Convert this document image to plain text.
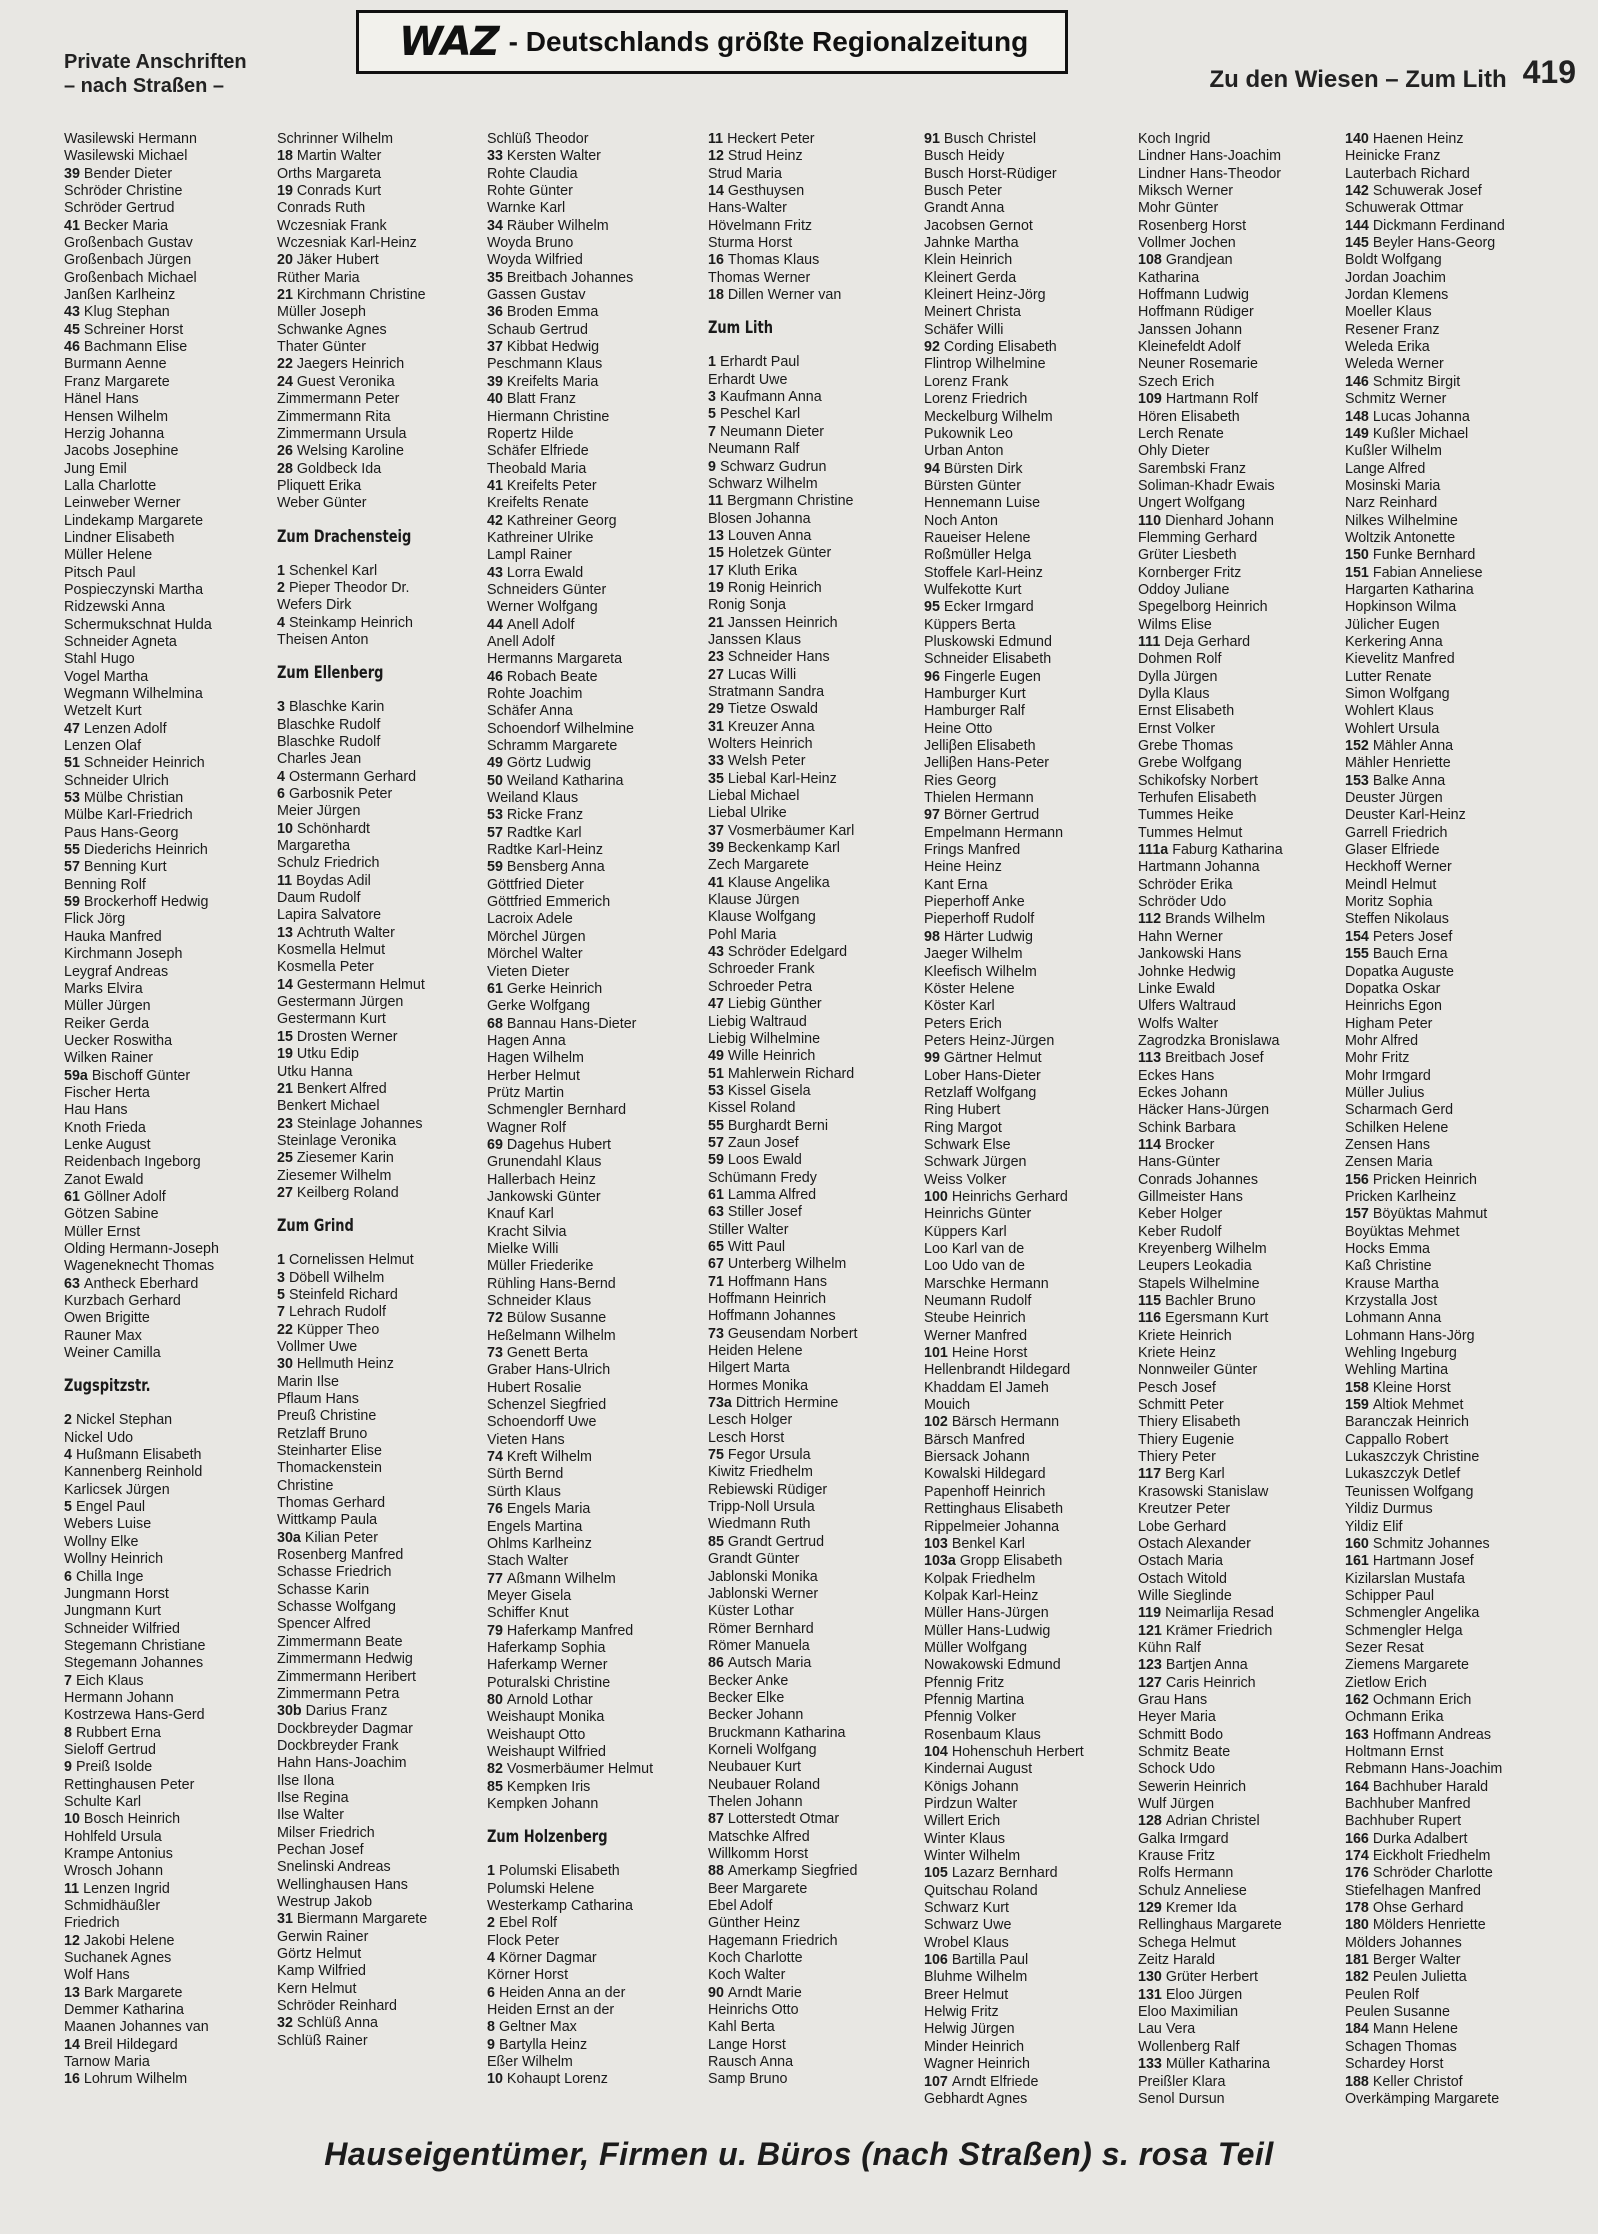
Private Anschriften
– nach Straßen –
WAZ - Deutschlands größte Regionalzeitung
Zu den Wiesen – Zum Lith 419
Wasilewski Hermann
Wasilewski Michael
39 Bender Dieter
Schröder Christine
Schröder Gertrud
41 Becker Maria
Großenbach Gustav
Großenbach Jürgen
Großenbach Michael
Janßen Karlheinz
43 Klug Stephan
45 Schreiner Horst
46 Bachmann Elise
Burmann Aenne
Franz Margarete
Hänel Hans
Hensen Wilhelm
Herzig Johanna
Jacobs Josephine
Jung Emil
Lalla Charlotte
Leinweber Werner
Lindekamp Margarete
Lindner Elisabeth
Müller Helene
Pitsch Paul
Pospieczynski Martha
Ridzewski Anna
Schermukschnat Hulda
Schneider Agneta
Stahl Hugo
Vogel Martha
Wegmann Wilhelmina
Wetzelt Kurt
47 Lenzen Adolf
Lenzen Olaf
51 Schneider Heinrich
Schneider Ulrich
53 Mülbe Christian
Mülbe Karl-Friedrich
Paus Hans-Georg
55 Diederichs Heinrich
57 Benning Kurt
Benning Rolf
59 Brockerhoff Hedwig
Flick Jörg
Hauka Manfred
Kirchmann Joseph
Leygraf Andreas
Marks Elvira
Müller Jürgen
Reiker Gerda
Uecker Roswitha
Wilken Rainer
59a Bischoff Günter
Fischer Herta
Hau Hans
Knoth Frieda
Lenke August
Reidenbach Ingeborg
Zanot Ewald
61 Göllner Adolf
Götzen Sabine
Müller Ernst
Olding Hermann-Joseph
Wageneknecht Thomas
63 Antheck Eberhard
Kurzbach Gerhard
Owen Brigitte
Rauner Max
Weiner Camilla
Zugspitzstr.
2 Nickel Stephan
Nickel Udo
4 Hußmann Elisabeth
Kannenberg Reinhold
Karlicsek Jürgen
5 Engel Paul
Webers Luise
Wollny Elke
Wollny Heinrich
6 Chilla Inge
Jungmann Horst
Jungmann Kurt
Schneider Wilfried
Stegemann Christiane
Stegemann Johannes
7 Eich Klaus
Hermann Johann
Kostrzewa Hans-Gerd
8 Rubbert Erna
Sieloff Gertrud
9 Preiß Isolde
Rettinghausen Peter
Schulte Karl
10 Bosch Heinrich
Hohlfeld Ursula
Krampe Antonius
Wrosch Johann
11 Lenzen Ingrid
Schmidhäußler
Friedrich
12 Jakobi Helene
Suchanek Agnes
Wolf Hans
13 Bark Margarete
Demmer Katharina
Maanen Johannes van
14 Breil Hildegard
Tarnow Maria
16 Lohrum Wilhelm
Schrinner Wilhelm
18 Martin Walter
Orths Margareta
19 Conrads Kurt
Conrads Ruth
Wczesniak Frank
Wczesniak Karl-Heinz
20 Jäker Hubert
Rüther Maria
21 Kirchmann Christine
Müller Joseph
Schwanke Agnes
Thater Günter
22 Jaegers Heinrich
24 Guest Veronika
Zimmermann Peter
Zimmermann Rita
Zimmermann Ursula
26 Welsing Karoline
28 Goldbeck Ida
Pliquett Erika
Weber Günter
Zum Drachensteig
1 Schenkel Karl
2 Pieper Theodor Dr.
Wefers Dirk
4 Steinkamp Heinrich
Theisen Anton
Zum Ellenberg
3 Blaschke Karin
Blaschke Rudolf
Blaschke Rudolf
Charles Jean
4 Ostermann Gerhard
6 Garbosnik Peter
Meier Jürgen
10 Schönhardt
Margaretha
Schulz Friedrich
11 Boydas Adil
Daum Rudolf
Lapira Salvatore
13 Achtruth Walter
Kosmella Helmut
Kosmella Peter
14 Gestermann Helmut
Gestermann Jürgen
Gestermann Kurt
15 Drosten Werner
19 Utku Edip
Utku Hanna
21 Benkert Alfred
Benkert Michael
23 Steinlage Johannes
Steinlage Veronika
25 Ziesemer Karin
Ziesemer Wilhelm
27 Keilberg Roland
Zum Grind
1 Cornelissen Helmut
3 Döbell Wilhelm
5 Steinfeld Richard
7 Lehrach Rudolf
22 Küpper Theo
Vollmer Uwe
30 Hellmuth Heinz
Marin Ilse
Pflaum Hans
Preuß Christine
Retzlaff Bruno
Steinharter Elise
Thomackenstein
Christine
Thomas Gerhard
Wittkamp Paula
30a Kilian Peter
Rosenberg Manfred
Schasse Friedrich
Schasse Karin
Schasse Wolfgang
Spencer Alfred
Zimmermann Beate
Zimmermann Hedwig
Zimmermann Heribert
Zimmermann Petra
30b Darius Franz
Dockbreyder Dagmar
Dockbreyder Frank
Hahn Hans-Joachim
Ilse Ilona
Ilse Regina
Ilse Walter
Milser Friedrich
Pechan Josef
Snelinski Andreas
Wellinghausen Hans
Westrup Jakob
31 Biermann Margarete
Gerwin Rainer
Görtz Helmut
Kamp Wilfried
Kern Helmut
Schröder Reinhard
32 Schlüß Anna
Schlüß Rainer
Schlüß Theodor
33 Kersten Walter
Rohte Claudia
Rohte Günter
Warnke Karl
34 Räuber Wilhelm
Woyda Bruno
Woyda Wilfried
35 Breitbach Johannes
Gassen Gustav
36 Broden Emma
Schaub Gertrud
37 Kibbat Hedwig
Peschmann Klaus
39 Kreifelts Maria
40 Blatt Franz
Hiermann Christine
Ropertz Hilde
Schäfer Elfriede
Theobald Maria
41 Kreifelts Peter
Kreifelts Renate
42 Kathreiner Georg
Kathreiner Ulrike
Lampl Rainer
43 Lorra Ewald
Schneiders Günter
Werner Wolfgang
44 Anell Adolf
Anell Adolf
Hermanns Margareta
46 Robach Beate
Rohte Joachim
Schäfer Anna
Schoendorf Wilhelmine
Schramm Margarete
49 Görtz Ludwig
50 Weiland Katharina
Weiland Klaus
53 Ricke Franz
57 Radtke Karl
Radtke Karl-Heinz
59 Bensberg Anna
Göttfried Dieter
Göttfried Emmerich
Lacroix Adele
Mörchel Jürgen
Mörchel Walter
Vieten Dieter
61 Gerke Heinrich
Gerke Wolfgang
68 Bannau Hans-Dieter
Hagen Anna
Hagen Wilhelm
Herber Helmut
Prütz Martin
Schmengler Bernhard
Wagner Rolf
69 Dagehus Hubert
Grunendahl Klaus
Hallerbach Heinz
Jankowski Günter
Knauf Karl
Kracht Silvia
Mielke Willi
Müller Friederike
Rühling Hans-Bernd
Schneider Klaus
72 Bülow Susanne
Heßelmann Wilhelm
73 Genett Berta
Graber Hans-Ulrich
Hubert Rosalie
Schenzel Siegfried
Schoendorff Uwe
Vieten Hans
74 Kreft Wilhelm
Sürth Bernd
Sürth Klaus
76 Engels Maria
Engels Martina
Ohlms Karlheinz
Stach Walter
77 Aßmann Wilhelm
Meyer Gisela
Schiffer Knut
79 Haferkamp Manfred
Haferkamp Sophia
Haferkamp Werner
Poturalski Christine
80 Arnold Lothar
Weishaupt Monika
Weishaupt Otto
Weishaupt Wilfried
82 Vosmerbäumer Helmut
85 Kempken Iris
Kempken Johann
Zum Holzenberg
1 Polumski Elisabeth
Polumski Helene
Westerkamp Catharina
2 Ebel Rolf
Flock Peter
4 Körner Dagmar
Körner Horst
6 Heiden Anna an der
Heiden Ernst an der
8 Geltner Max
9 Bartylla Heinz
Eßer Wilhelm
10 Kohaupt Lorenz
11 Heckert Peter
12 Strud Heinz
Strud Maria
14 Gesthuysen
Hans-Walter
Hövelmann Fritz
Sturma Horst
16 Thomas Klaus
Thomas Werner
18 Dillen Werner van
Zum Lith
1 Erhardt Paul
Erhardt Uwe
3 Kaufmann Anna
5 Peschel Karl
7 Neumann Dieter
Neumann Ralf
9 Schwarz Gudrun
Schwarz Wilhelm
11 Bergmann Christine
Blosen Johanna
13 Louven Anna
15 Holetzek Günter
17 Kluth Erika
19 Ronig Heinrich
Ronig Sonja
21 Janssen Heinrich
Janssen Klaus
23 Schneider Hans
27 Lucas Willi
Stratmann Sandra
29 Tietze Oswald
31 Kreuzer Anna
Wolters Heinrich
33 Welsh Peter
35 Liebal Karl-Heinz
Liebal Michael
Liebal Ulrike
37 Vosmerbäumer Karl
39 Beckenkamp Karl
Zech Margarete
41 Klause Angelika
Klause Jürgen
Klause Wolfgang
Pohl Maria
43 Schröder Edelgard
Schroeder Frank
Schroeder Petra
47 Liebig Günther
Liebig Waltraud
Liebig Wilhelmine
49 Wille Heinrich
51 Mahlerwein Richard
53 Kissel Gisela
Kissel Roland
55 Burghardt Berni
57 Zaun Josef
59 Loos Ewald
Schümann Fredy
61 Lamma Alfred
63 Stiller Josef
Stiller Walter
65 Witt Paul
67 Unterberg Wilhelm
71 Hoffmann Hans
Hoffmann Heinrich
Hoffmann Johannes
73 Geusendam Norbert
Heiden Helene
Hilgert Marta
Hormes Monika
73a Dittrich Hermine
Lesch Holger
Lesch Horst
75 Fegor Ursula
Kiwitz Friedhelm
Rebiewski Rüdiger
Tripp-Noll Ursula
Wiedmann Ruth
85 Grandt Gertrud
Grandt Günter
Jablonski Monika
Jablonski Werner
Küster Lothar
Römer Bernhard
Römer Manuela
86 Autsch Maria
Becker Anke
Becker Elke
Becker Johann
Bruckmann Katharina
Korneli Wolfgang
Neubauer Kurt
Neubauer Roland
Thelen Johann
87 Lotterstedt Otmar
Matschke Alfred
Willkomm Horst
88 Amerkamp Siegfried
Beer Margarete
Ebel Adolf
Günther Heinz
Hagemann Friedrich
Koch Charlotte
Koch Walter
90 Arndt Marie
Heinrichs Otto
Kahl Berta
Lange Horst
Rausch Anna
Samp Bruno
91 Busch Christel
Busch Heidy
Busch Horst-Rüdiger
Busch Peter
Grandt Anna
Jacobsen Gernot
Jahnke Martha
Klein Heinrich
Kleinert Gerda
Kleinert Heinz-Jörg
Meinert Christa
Schäfer Willi
92 Cording Elisabeth
Flintrop Wilhelmine
Lorenz Frank
Lorenz Friedrich
Meckelburg Wilhelm
Pukownik Leo
Urban Anton
94 Bürsten Dirk
Bürsten Günter
Hennemann Luise
Noch Anton
Raueiser Helene
Roßmüller Helga
Stoffele Karl-Heinz
Wulfekotte Kurt
95 Ecker Irmgard
Küppers Berta
Pluskowski Edmund
Schneider Elisabeth
96 Fingerle Eugen
Hamburger Kurt
Hamburger Ralf
Heine Otto
Jelliβen Elisabeth
Jelliβen Hans-Peter
Ries Georg
Thielen Hermann
97 Börner Gertrud
Empelmann Hermann
Frings Manfred
Heine Heinz
Kant Erna
Pieperhoff Anke
Pieperhoff Rudolf
98 Härter Ludwig
Jaeger Wilhelm
Kleefisch Wilhelm
Köster Helene
Köster Karl
Peters Erich
Peters Heinz-Jürgen
99 Gärtner Helmut
Lober Hans-Dieter
Retzlaff Wolfgang
Ring Hubert
Ring Margot
Schwark Else
Schwark Jürgen
Weiss Volker
100 Heinrichs Gerhard
Heinrichs Günter
Küppers Karl
Loo Karl van de
Loo Udo van de
Marschke Hermann
Neumann Rudolf
Steube Heinrich
Werner Manfred
101 Heine Horst
Hellenbrandt Hildegard
Khaddam El Jameh
Mouich
102 Bärsch Hermann
Bärsch Manfred
Biersack Johann
Kowalski Hildegard
Papenhoff Heinrich
Rettinghaus Elisabeth
Rippelmeier Johanna
103 Benkel Karl
103a Gropp Elisabeth
Kolpak Friedhelm
Kolpak Karl-Heinz
Müller Hans-Jürgen
Müller Hans-Ludwig
Müller Wolfgang
Nowakowski Edmund
Pfennig Fritz
Pfennig Martina
Pfennig Volker
Rosenbaum Klaus
104 Hohenschuh Herbert
Kindernai August
Königs Johann
Pirdzun Walter
Willert Erich
Winter Klaus
Winter Wilhelm
105 Lazarz Bernhard
Quitschau Roland
Schwarz Kurt
Schwarz Uwe
Wrobel Klaus
106 Bartilla Paul
Bluhme Wilhelm
Breer Helmut
Helwig Fritz
Helwig Jürgen
Minder Heinrich
Wagner Heinrich
107 Arndt Elfriede
Gebhardt Agnes
Koch Ingrid
Lindner Hans-Joachim
Lindner Hans-Theodor
Miksch Werner
Mohr Günter
Rosenberg Horst
Vollmer Jochen
108 Grandjean
Katharina
Hoffmann Ludwig
Hoffmann Rüdiger
Janssen Johann
Kleinefeldt Adolf
Neuner Rosemarie
Szech Erich
109 Hartmann Rolf
Hören Elisabeth
Lerch Renate
Ohly Dieter
Sarembski Franz
Soliman-Khadr Ewais
Ungert Wolfgang
110 Dienhard Johann
Flemming Gerhard
Grüter Liesbeth
Kornberger Fritz
Oddoy Juliane
Spegelborg Heinrich
Wilms Elise
111 Deja Gerhard
Dohmen Rolf
Dylla Jürgen
Dylla Klaus
Ernst Elisabeth
Ernst Volker
Grebe Thomas
Grebe Wolfgang
Schikofsky Norbert
Terhufen Elisabeth
Tummes Heike
Tummes Helmut
111a Faburg Katharina
Hartmann Johanna
Schröder Erika
Schröder Udo
112 Brands Wilhelm
Hahn Werner
Jankowski Hans
Johnke Hedwig
Linke Ewald
Ulfers Waltraud
Wolfs Walter
Zagrodzka Bronislawa
113 Breitbach Josef
Eckes Hans
Eckes Johann
Häcker Hans-Jürgen
Schink Barbara
114 Brocker
Hans-Günter
Conrads Johannes
Gillmeister Hans
Keber Holger
Keber Rudolf
Kreyenberg Wilhelm
Leupers Leokadia
Stapels Wilhelmine
115 Bachler Bruno
116 Egersmann Kurt
Kriete Heinrich
Kriete Heinz
Nonnweiler Günter
Pesch Josef
Schmitt Peter
Thiery Elisabeth
Thiery Eugenie
Thiery Peter
117 Berg Karl
Krasowski Stanislaw
Kreutzer Peter
Lobe Gerhard
Ostach Alexander
Ostach Maria
Ostach Witold
Wille Sieglinde
119 Neimarlija Resad
121 Krämer Friedrich
Kühn Ralf
123 Bartjen Anna
127 Caris Heinrich
Grau Hans
Heyer Maria
Schmitt Bodo
Schmitz Beate
Schock Udo
Sewerin Heinrich
Wulf Jürgen
128 Adrian Christel
Galka Irmgard
Krause Fritz
Rolfs Hermann
Schulz Anneliese
129 Kremer Ida
Rellinghaus Margarete
Schega Helmut
Zeitz Harald
130 Grüter Herbert
131 Eloo Jürgen
Eloo Maximilian
Lau Vera
Wollenberg Ralf
133 Müller Katharina
Preißler Klara
Senol Dursun
140 Haenen Heinz
Heinicke Franz
Lauterbach Richard
142 Schuwerak Josef
Schuwerak Ottmar
144 Dickmann Ferdinand
145 Beyler Hans-Georg
Boldt Wolfgang
Jordan Joachim
Jordan Klemens
Moeller Klaus
Resener Franz
Weleda Erika
Weleda Werner
146 Schmitz Birgit
Schmitz Werner
148 Lucas Johanna
149 Kußler Michael
Kußler Wilhelm
Lange Alfred
Mosinski Maria
Narz Reinhard
Nilkes Wilhelmine
Woltzik Antonette
150 Funke Bernhard
151 Fabian Anneliese
Hargarten Katharina
Hopkinson Wilma
Jülicher Eugen
Kerkering Anna
Kievelitz Manfred
Lutter Renate
Simon Wolfgang
Wohlert Klaus
Wohlert Ursula
152 Mähler Anna
Mähler Henriette
153 Balke Anna
Deuster Jürgen
Deuster Karl-Heinz
Garrell Friedrich
Glaser Elfriede
Heckhoff Werner
Meindl Helmut
Moritz Sophia
Steffen Nikolaus
154 Peters Josef
155 Bauch Erna
Dopatka Auguste
Dopatka Oskar
Heinrichs Egon
Higham Peter
Mohr Alfred
Mohr Fritz
Mohr Irmgard
Müller Julius
Scharmach Gerd
Schilken Helene
Zensen Hans
Zensen Maria
156 Pricken Heinrich
Pricken Karlheinz
157 Böyüktas Mahmut
Boyüktas Mehmet
Hocks Emma
Kaß Christine
Krause Martha
Krzystalla Jost
Lohmann Anna
Lohmann Hans-Jörg
Wehling Ingeburg
Wehling Martina
158 Kleine Horst
159 Altiok Mehmet
Baranczak Heinrich
Cappallo Robert
Lukaszczyk Christine
Lukaszczyk Detlef
Teunissen Wolfgang
Yildiz Durmus
Yildiz Elif
160 Schmitz Johannes
161 Hartmann Josef
Kizilarslan Mustafa
Schipper Paul
Schmengler Angelika
Schmengler Helga
Sezer Resat
Ziemens Margarete
Zietlow Erich
162 Ochmann Erich
Ochmann Erika
163 Hoffmann Andreas
Holtmann Ernst
Rebmann Hans-Joachim
164 Bachhuber Harald
Bachhuber Manfred
Bachhuber Rupert
166 Durka Adalbert
174 Eickholt Friedhelm
176 Schröder Charlotte
Stiefelhagen Manfred
178 Ohse Gerhard
180 Mölders Henriette
Mölders Johannes
181 Berger Walter
182 Peulen Julietta
Peulen Rolf
Peulen Susanne
184 Mann Helene
Schagen Thomas
Schardey Horst
188 Keller Christof
Overkämping Margarete
Hauseigentümer, Firmen u. Büros (nach Straßen) s. rosa Teil
